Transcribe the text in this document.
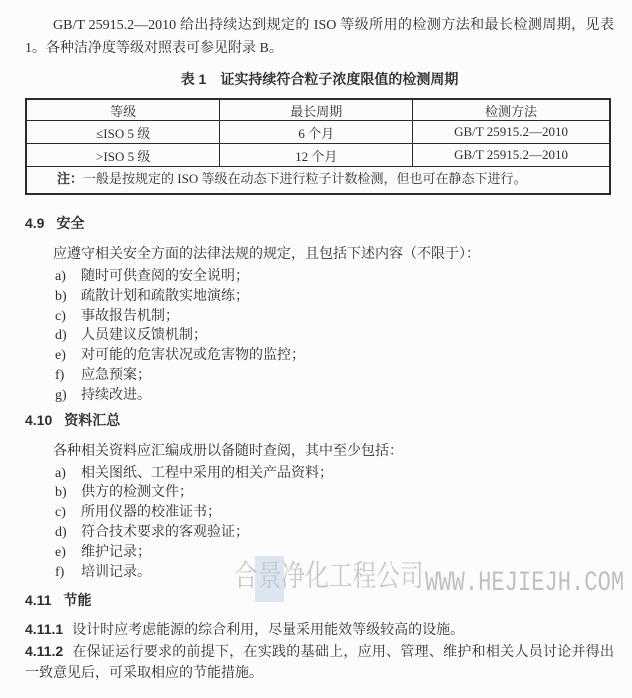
GB/T 25915.2—2010 给出持续达到规定的 ISO 等级所用的检测方法和最长检测周期，见表 1。各种洁净度等级对照表可参见附录 B。

表 1 证实持续符合粒子浓度限值的检测周期
等级	最长周期	检测方法
≤ISO 5 级	6 个月	GB/T 25915.2—2010
>ISO 5 级	12 个月	GB/T 25915.2—2010
注：一般是按规定的 ISO 等级在动态下进行粒子计数检测，但也可在静态下进行。		
4.9 安全

应遵守相关安全方面的法律法规的规定，且包括下述内容（不限于）：

a) 随时可供查阅的安全说明；
b) 疏散计划和疏散实地演练；
c) 事故报告机制；
d) 人员建议反馈机制；
e) 对可能的危害状况或危害物的监控；
f) 应急预案；
g) 持续改进。
4.10 资料汇总

各种相关资料应汇编成册以备随时查阅，其中至少包括：

a) 相关图纸、工程中采用的相关产品资料；
b) 供方的检测文件；
c) 所用仪器的校准证书；
d) 符合技术要求的客观验证；
e) 维护记录；
f) 培训记录。
4.11 节能

4.11.1 设计时应考虑能源的综合利用，尽量采用能效等级较高的设施。

4.11.2 在保证运行要求的前提下，在实践的基础上，应用、管理、维护和相关人员讨论并得出一致意见后，可采取相应的节能措施。

合景净化工程公司 WWW.HEJIEJH.COM
